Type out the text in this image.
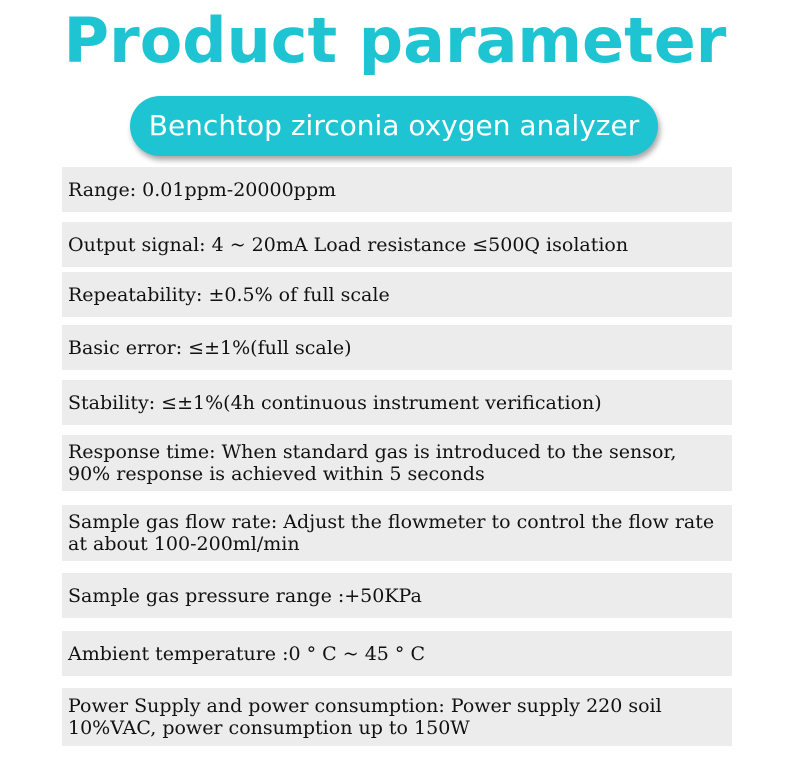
Product parameter
Benchtop zirconia oxygen analyzer
Range: 0.01ppm-20000ppm
Output signal: 4 ~ 20mA Load resistance ≤500Q isolation
Repeatability: ±0.5% of full scale
Basic error: ≤±1%(full scale)
Stability: ≤±1%(4h continuous instrument verification)
Response time: When standard gas is introduced to the sensor, 90% response is achieved within 5 seconds
Sample gas flow rate: Adjust the flowmeter to control the flow rate at about 100-200ml/min
Sample gas pressure range :+50KPa
Ambient temperature :0 ° C ~ 45 ° C
Power Supply and power consumption: Power supply 220 soil 10%VAC, power consumption up to 150W
